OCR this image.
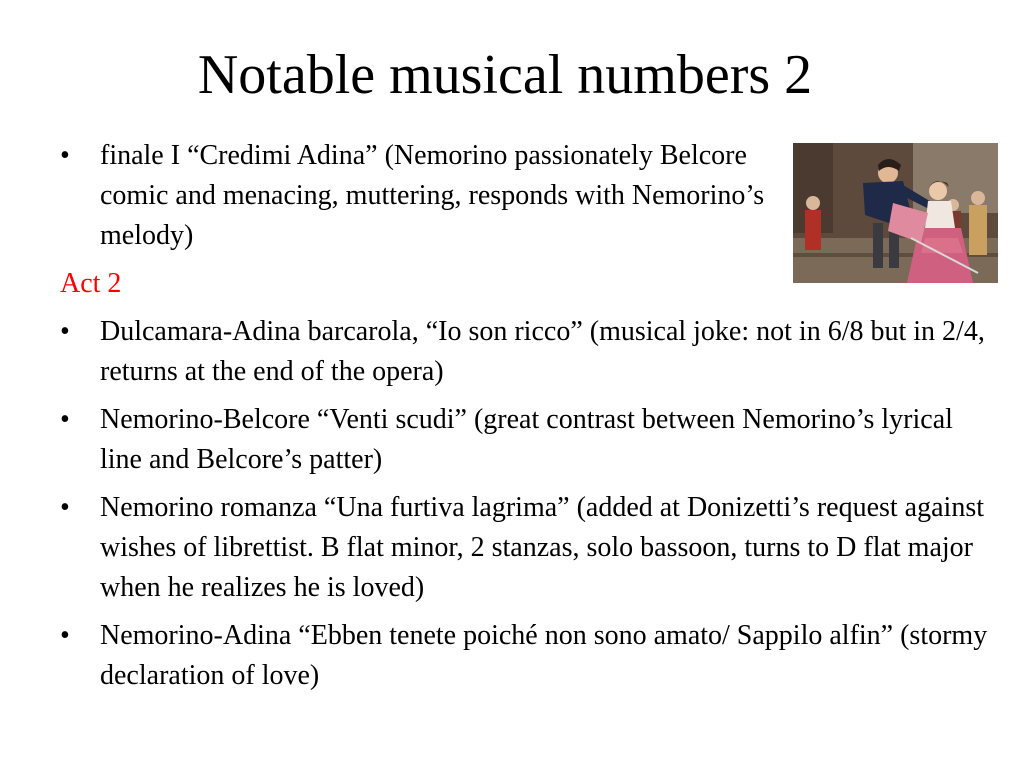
Notable musical numbers 2
•	finale I “Credimi Adina” (Nemorino passionately Belcore comic and menacing, muttering, responds with Nemorino’s melody)
Act 2
•	Dulcamara-Adina barcarola, “Io son ricco” (musical joke: not in 6/8 but in 2/4, returns at the end of the opera)
•	Nemorino-Belcore “Venti scudi” (great contrast between Nemorino’s lyrical line and Belcore’s patter)
•	Nemorino romanza “Una furtiva lagrima” (added at Donizetti’s request against wishes of librettist. B flat minor, 2 stanzas, solo bassoon, turns to D flat major when he realizes he is loved)
•	Nemorino-Adina “Ebben tenete poiché non sono amato/ Sappilo alfin” (stormy declaration of love)
